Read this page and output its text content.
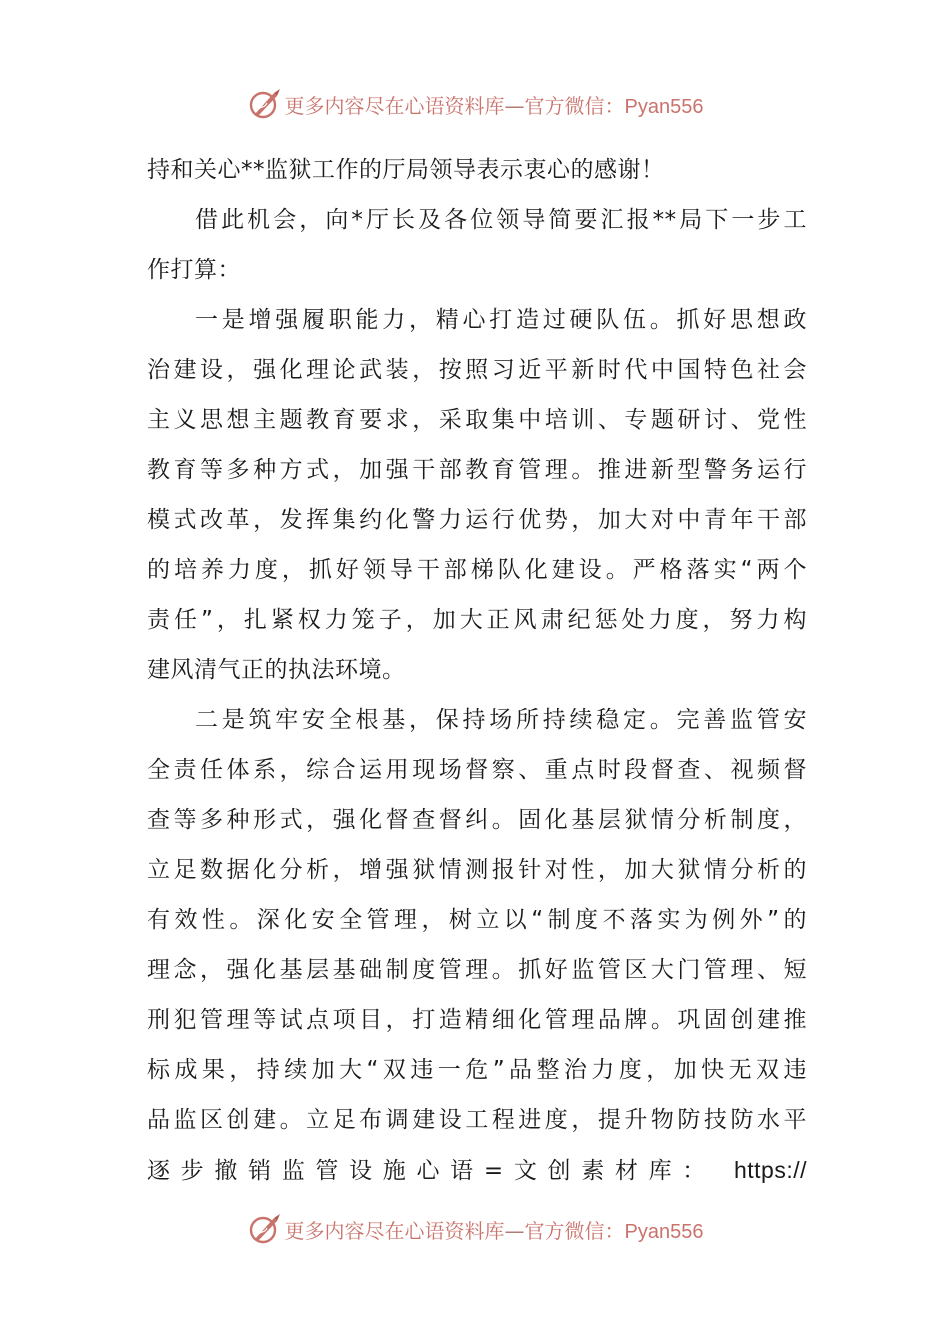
更多内容尽在心语资料库—官方微信：Pyan556
持和关心**监狱工作的厅局领导表示衷心的感谢！
借此机会，向*厅长及各位领导简要汇报**局下一步工
作打算：
一是增强履职能力，精心打造过硬队伍。抓好思想政
治建设，强化理论武装，按照习近平新时代中国特色社会
主义思想主题教育要求，采取集中培训、专题研讨、党性
教育等多种方式，加强干部教育管理。推进新型警务运行
模式改革，发挥集约化警力运行优势，加大对中青年干部
的培养力度，抓好领导干部梯队化建设。严格落实“两个
责任”，扎紧权力笼子，加大正风肃纪惩处力度，努力构
建风清气正的执法环境。
二是筑牢安全根基，保持场所持续稳定。完善监管安
全责任体系，综合运用现场督察、重点时段督查、视频督
查等多种形式，强化督查督纠。固化基层狱情分析制度，
立足数据化分析，增强狱情测报针对性，加大狱情分析的
有效性。深化安全管理，树立以“制度不落实为例外”的
理念，强化基层基础制度管理。抓好监管区大门管理、短
刑犯管理等试点项目，打造精细化管理品牌。巩固创建推
标成果，持续加大“双违一危”品整治力度，加快无双违
品监区创建。立足布调建设工程进度，提升物防技防水平
逐步撤销监管设施心语=文创素材库： https://
更多内容尽在心语资料库—官方微信：Pyan556
